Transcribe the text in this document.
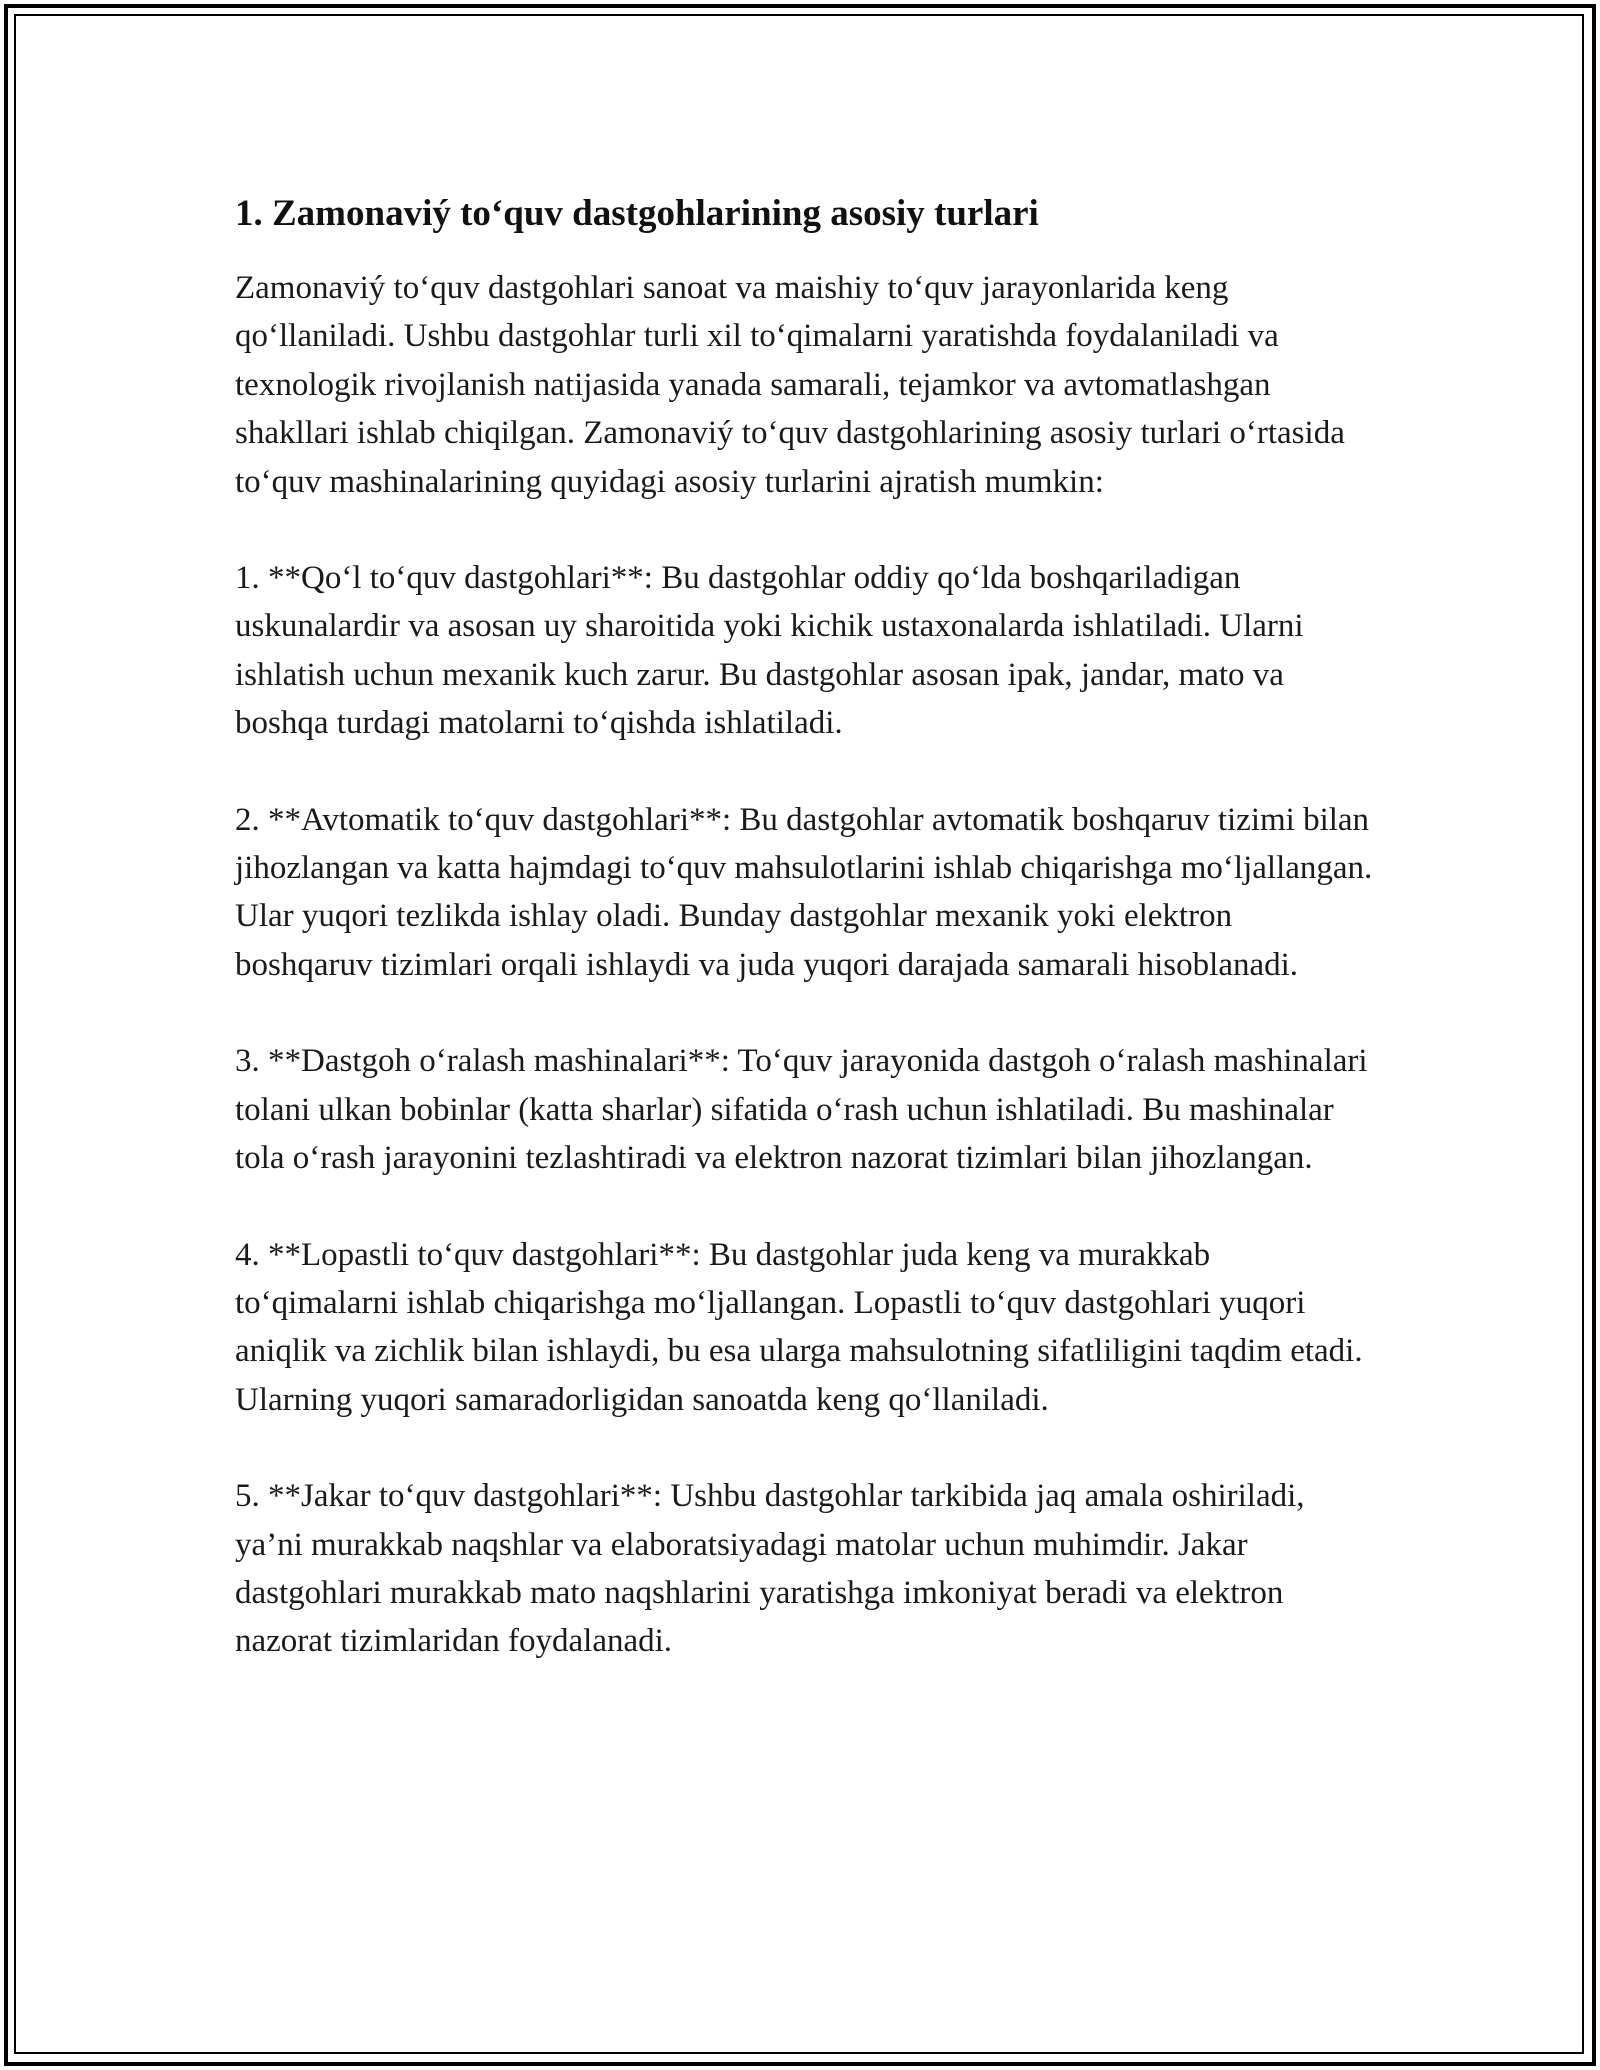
1. Zamonaviý to‘quv dastgohlarining asosiy turlari

Zamonaviý to‘quv dastgohlari sanoat va maishiy to‘quv jarayonlarida keng qo‘llaniladi. Ushbu dastgohlar turli xil to‘qimalarni yaratishda foydalaniladi va texnologik rivojlanish natijasida yanada samarali, tejamkor va avtomatlashgan shakllari ishlab chiqilgan. Zamonaviý to‘quv dastgohlarining asosiy turlari o‘rtasida to‘quv mashinalarining quyidagi asosiy turlarini ajratish mumkin:

1. **Qo‘l to‘quv dastgohlari**: Bu dastgohlar oddiy qo‘lda boshqariladigan uskunalardir va asosan uy sharoitida yoki kichik ustaxonalarda ishlatiladi. Ularni ishlatish uchun mexanik kuch zarur. Bu dastgohlar asosan ipak, jandar, mato va boshqa turdagi matolarni to‘qishda ishlatiladi.

2. **Avtomatik to‘quv dastgohlari**: Bu dastgohlar avtomatik boshqaruv tizimi bilan jihozlangan va katta hajmdagi to‘quv mahsulotlarini ishlab chiqarishga mo‘ljallangan. Ular yuqori tezlikda ishlay oladi. Bunday dastgohlar mexanik yoki elektron boshqaruv tizimlari orqali ishlaydi va juda yuqori darajada samarali hisoblanadi.

3. **Dastgoh o‘ralash mashinalari**: To‘quv jarayonida dastgoh o‘ralash mashinalari tolani ulkan bobinlar (katta sharlar) sifatida o‘rash uchun ishlatiladi. Bu mashinalar tola o‘rash jarayonini tezlashtiradi va elektron nazorat tizimlari bilan jihozlangan.

4. **Lopastli to‘quv dastgohlari**: Bu dastgohlar juda keng va murakkab to‘qimalarni ishlab chiqarishga mo‘ljallangan. Lopastli to‘quv dastgohlari yuqori aniqlik va zichlik bilan ishlaydi, bu esa ularga mahsulotning sifatliligini taqdim etadi. Ularning yuqori samaradorligidan sanoatda keng qo‘llaniladi.

5. **Jakar to‘quv dastgohlari**: Ushbu dastgohlar tarkibida jaq amala oshiriladi, ya’ni murakkab naqshlar va elaboratsiyadagi matolar uchun muhimdir. Jakar dastgohlari murakkab mato naqshlarini yaratishga imkoniyat beradi va elektron nazorat tizimlaridan foydalanadi.
